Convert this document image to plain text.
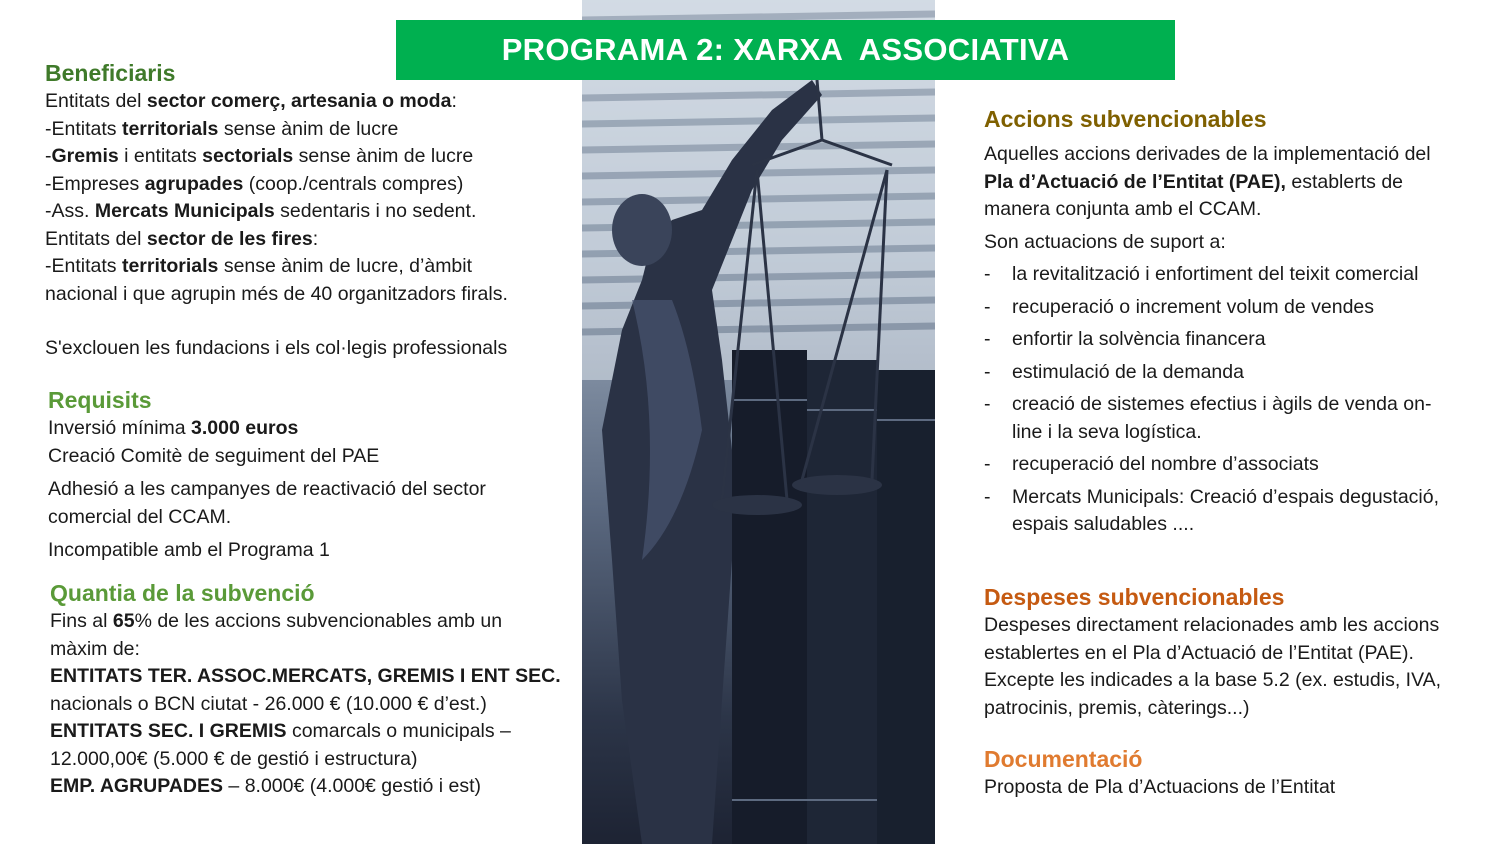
PROGRAMA 2: XARXA  ASSOCIATIVA
Beneficiaris
Entitats del sector comerç, artesania o moda:
-Entitats territorials sense ànim de lucre
-Gremis i entitats sectorials sense ànim de lucre
-Empreses agrupades (coop./centrals compres)
-Ass. Mercats Municipals sedentaris i no sedent.
Entitats del sector de les fires:
-Entitats territorials sense ànim de lucre, d’àmbit
nacional i que agrupin més de 40 organitzadors firals.
S'exclouen les fundacions i els col·legis professionals
Requisits
Inversió mínima 3.000 euros
Creació Comitè de seguiment del PAE
Adhesió a les campanyes de reactivació del sector
comercial del CCAM.
Incompatible amb el Programa 1
Quantia de la subvenció
Fins al 65% de les accions subvencionables amb un
màxim de:
ENTITATS TER. ASSOC.MERCATS, GREMIS I ENT SEC.
nacionals o BCN ciutat - 26.000 € (10.000 € d’est.)
ENTITATS SEC. I GREMIS comarcals o municipals –
12.000,00€ (5.000 € de gestió i estructura)
EMP. AGRUPADES – 8.000€ (4.000€ gestió i est)
Accions subvencionables
Aquelles accions derivades de la implementació del
Pla d’Actuació de l’Entitat (PAE), establerts de
manera conjunta amb el CCAM.
Son actuacions de suport a:
- la revitalització i enfortiment del teixit comercial
- recuperació o increment volum de vendes
- enfortir la solvència financera
- estimulació de la demanda
- creació de sistemes efectius i àgils de venda on-
line i la seva logística.
- recuperació del nombre d’associats
- Mercats Municipals: Creació d’espais degustació,
espais saludables ....
Despeses subvencionables
Despeses directament relacionades amb les accions
establertes en el Pla d’Actuació de l’Entitat (PAE).
Excepte les indicades a la base 5.2 (ex. estudis, IVA,
patrocinis, premis, càterings...)
Documentació
Proposta de Pla d’Actuacions de l’Entitat
